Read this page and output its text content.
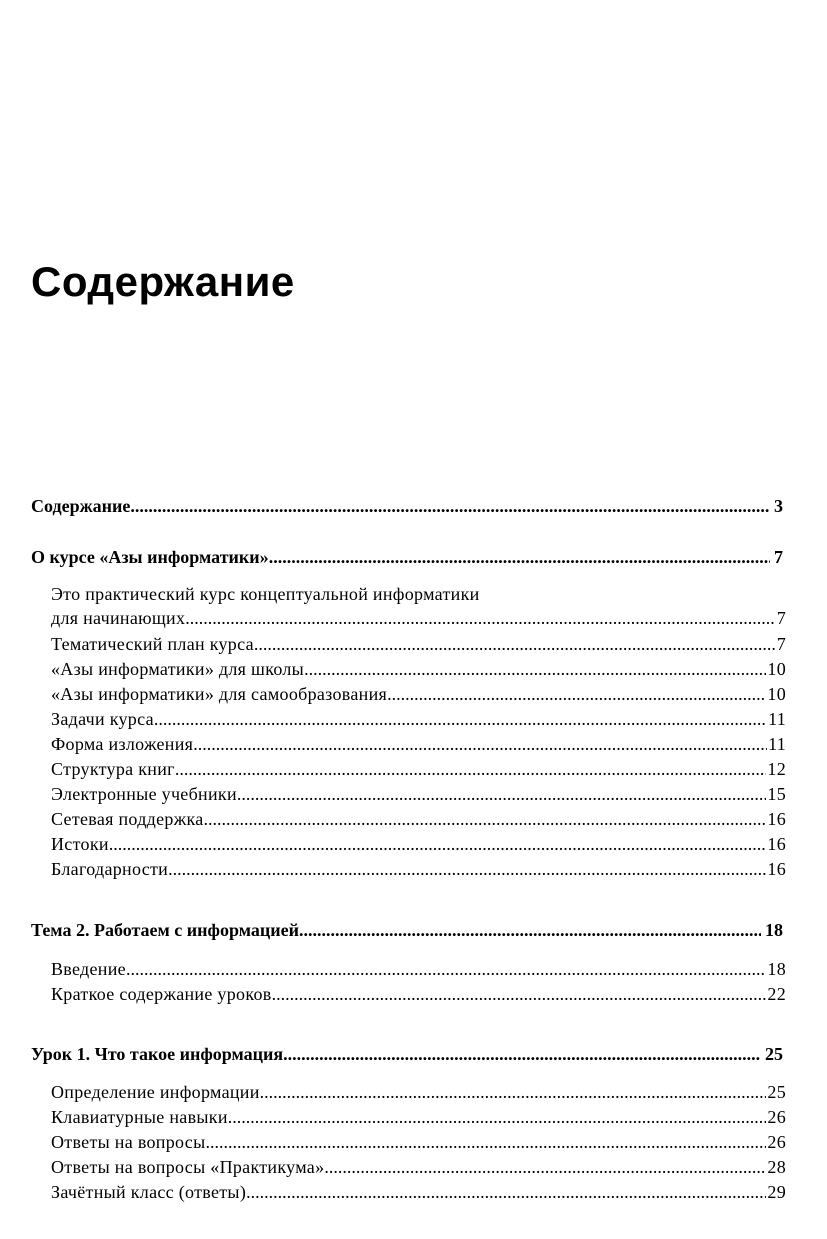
Содержание
Содержание .....	3
О курсе «Азы информатики» .....	7
Это практический курс концептуальной информатики
для начинающих .....	7
Тематический план курса .....	7
«Азы информатики» для школы .....	10
«Азы информатики» для самообразования .....	10
Задачи курса .....	11
Форма изложения .....	11
Структура книг .....	12
Электронные учебники .....	15
Сетевая поддержка .....	16
Истоки .....	16
Благодарности .....	16
Тема 2. Работаем с информацией .....	18
Введение .....	18
Краткое содержание уроков .....	22
Урок 1. Что такое информация .....	25
Определение информации .....	25
Клавиатурные навыки .....	26
Ответы на вопросы .....	26
Ответы на вопросы «Практикума» .....	28
Зачётный класс (ответы) .....	29
